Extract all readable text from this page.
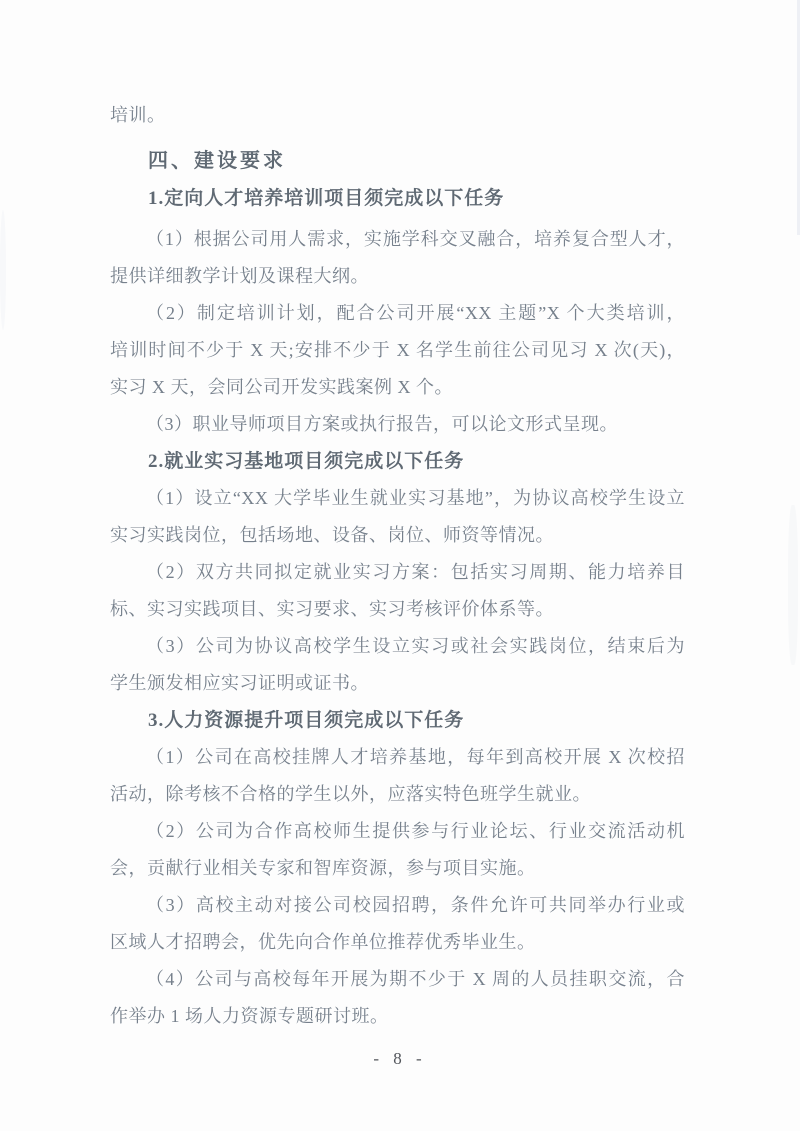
培训。
四、建设要求
1.定向人才培养培训项目须完成以下任务
（1）根据公司用人需求，实施学科交叉融合，培养复合型人才，
提供详细教学计划及课程大纲。
（2）制定培训计划，配合公司开展“XX 主题”X 个大类培训，
培训时间不少于 X 天;安排不少于 X 名学生前往公司见习 X 次(天)，
实习 X 天，会同公司开发实践案例 X 个。
（3）职业导师项目方案或执行报告，可以论文形式呈现。
2.就业实习基地项目须完成以下任务
（1）设立“XX 大学毕业生就业实习基地”，为协议高校学生设立
实习实践岗位，包括场地、设备、岗位、师资等情况。
（2）双方共同拟定就业实习方案：包括实习周期、能力培养目
标、实习实践项目、实习要求、实习考核评价体系等。
（3）公司为协议高校学生设立实习或社会实践岗位，结束后为
学生颁发相应实习证明或证书。
3.人力资源提升项目须完成以下任务
（1）公司在高校挂牌人才培养基地，每年到高校开展 X 次校招
活动，除考核不合格的学生以外，应落实特色班学生就业。
（2）公司为合作高校师生提供参与行业论坛、行业交流活动机
会，贡献行业相关专家和智库资源，参与项目实施。
（3）高校主动对接公司校园招聘，条件允许可共同举办行业或
区域人才招聘会，优先向合作单位推荐优秀毕业生。
（4）公司与高校每年开展为期不少于 X 周的人员挂职交流，合
作举办 1 场人力资源专题研讨班。
- 8 -
